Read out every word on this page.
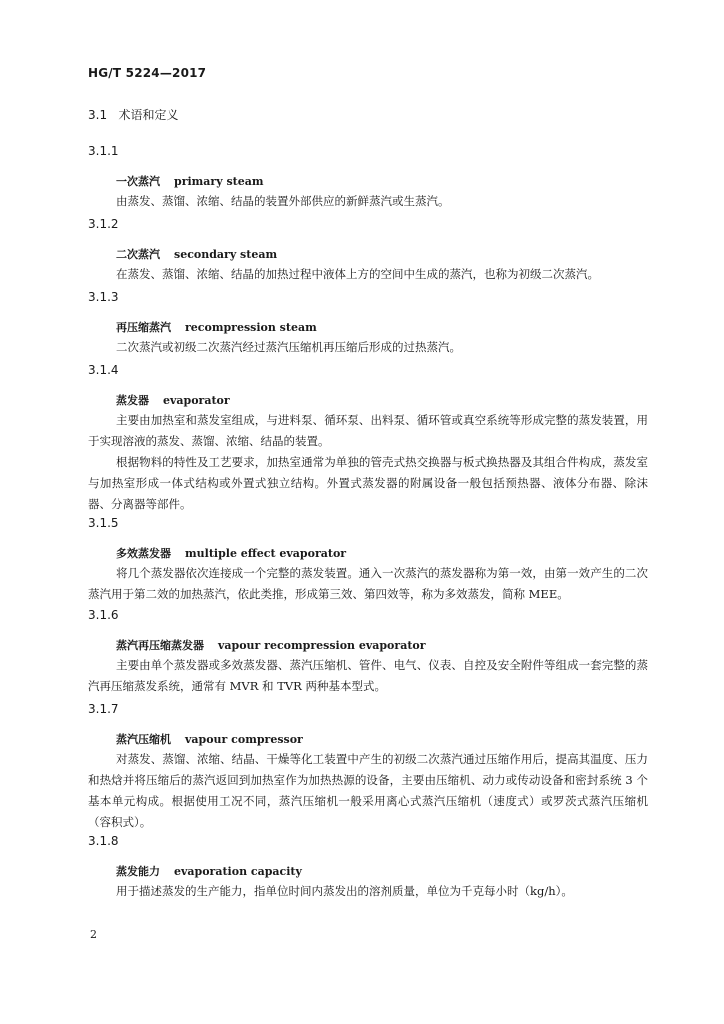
HG/T 5224—2017
3.1 术语和定义
3.1.1
一次蒸汽 primary steam

由蒸发、蒸馏、浓缩、结晶的装置外部供应的新鲜蒸汽或生蒸汽。

3.1.2
二次蒸汽 secondary steam

在蒸发、蒸馏、浓缩、结晶的加热过程中液体上方的空间中生成的蒸汽，也称为初级二次蒸汽。

3.1.3
再压缩蒸汽 recompression steam

二次蒸汽或初级二次蒸汽经过蒸汽压缩机再压缩后形成的过热蒸汽。

3.1.4
蒸发器 evaporator

主要由加热室和蒸发室组成，与进料泵、循环泵、出料泵、循环管或真空系统等形成完整的蒸发装置，用于实现溶液的蒸发、蒸馏、浓缩、结晶的装置。

根据物料的特性及工艺要求，加热室通常为单独的管壳式热交换器与板式换热器及其组合件构成，蒸发室与加热室形成一体式结构或外置式独立结构。外置式蒸发器的附属设备一般包括预热器、液体分布器、除沫器、分离器等部件。

3.1.5
多效蒸发器 multiple effect evaporator

将几个蒸发器依次连接成一个完整的蒸发装置。通入一次蒸汽的蒸发器称为第一效，由第一效产生的二次蒸汽用于第二效的加热蒸汽，依此类推，形成第三效、第四效等，称为多效蒸发，简称 MEE。

3.1.6
蒸汽再压缩蒸发器 vapour recompression evaporator

主要由单个蒸发器或多效蒸发器、蒸汽压缩机、管件、电气、仪表、自控及安全附件等组成一套完整的蒸汽再压缩蒸发系统，通常有 MVR 和 TVR 两种基本型式。

3.1.7
蒸汽压缩机 vapour compressor

对蒸发、蒸馏、浓缩、结晶、干燥等化工装置中产生的初级二次蒸汽通过压缩作用后，提高其温度、压力和热焓并将压缩后的蒸汽返回到加热室作为加热热源的设备，主要由压缩机、动力或传动设备和密封系统 3 个基本单元构成。根据使用工况不同，蒸汽压缩机一般采用离心式蒸汽压缩机（速度式）或罗茨式蒸汽压缩机（容积式）。

3.1.8
蒸发能力 evaporation capacity

用于描述蒸发的生产能力，指单位时间内蒸发出的溶剂质量，单位为千克每小时（kg/h）。

2
